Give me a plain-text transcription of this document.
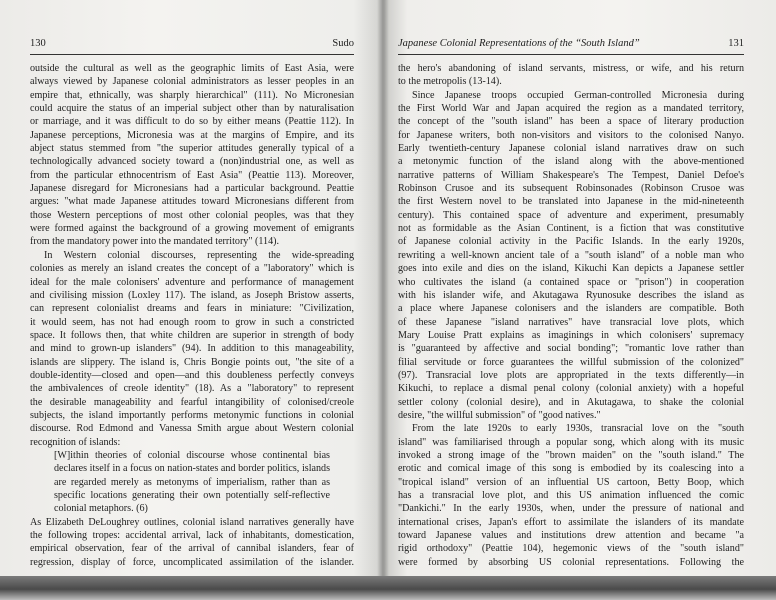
130	Sudo
outside the cultural as well as the geographic limits of East Asia, were
always viewed by Japanese colonial administrators as lesser peoples in an
empire that, ethnically, was sharply hierarchical" (111). No Micronesian
could acquire the status of an imperial subject other than by naturalisation
or marriage, and it was difficult to do so by either means (Peattie 112). In
Japanese perceptions, Micronesia was at the margins of Empire, and its
abject status stemmed from "the superior attitudes generally typical of a
technologically advanced society toward a (non)industrial one, as well as
from the particular ethnocentrism of East Asia" (Peattie 113). Moreover,
Japanese disregard for Micronesians had a particular background. Peattie
argues: "what made Japanese attitudes toward Micronesians different from
those Western perceptions of most other colonial peoples, was that they
were formed against the background of a growing movement of emigrants
from the mandatory power into the mandated territory" (114).
In Western colonial discourses, representing the wide-spreading
colonies as merely an island creates the concept of a "laboratory" which is
ideal for the male colonisers' adventure and performance of management
and civilising mission (Loxley 117). The island, as Joseph Bristow asserts,
can represent colonialist dreams and fears in miniature: "Civilization,
it would seem, has not had enough room to grow in such a constricted
space. It follows then, that white children are superior in strength of body
and mind to grown-up islanders" (94). In addition to this manageability,
islands are slippery. The island is, Chris Bongie points out, "the site of a
double-identity—closed and open—and this doubleness perfectly conveys
the ambivalences of creole identity" (18). As a "laboratory" to represent
the desirable manageability and fearful intangibility of colonised/creole
subjects, the island importantly performs metonymic functions in colonial
discourse. Rod Edmond and Vanessa Smith argue about Western colonial
recognition of islands:
[W]ithin theories of colonial discourse whose continental bias
declares itself in a focus on nation-states and border politics, islands
are regarded merely as metonyms of imperialism, rather than as
specific locations generating their own potentially self-reflective
colonial metaphors. (6)
As Elizabeth DeLoughrey outlines, colonial island narratives generally have
the following tropes: accidental arrival, lack of inhabitants, domestication,
empirical observation, fear of the arrival of cannibal islanders, fear of
regression, display of force, uncomplicated assimilation of the islander.
Japanese Colonial Representations of the “South Island”	131
the hero's abandoning of island servants, mistress, or wife, and his return
to the metropolis (13-14).
Since Japanese troops occupied German-controlled Micronesia during
the First World War and Japan acquired the region as a mandated territory,
the concept of the "south island" has been a space of literary production
for Japanese writers, both non-visitors and visitors to the colonised Nanyo.
Early twentieth-century Japanese colonial island narratives draw on such
a metonymic function of the island along with the above-mentioned
narrative patterns of William Shakespeare's The Tempest, Daniel Defoe's
Robinson Crusoe and its subsequent Robinsonades (Robinson Crusoe was
the first Western novel to be translated into Japanese in the mid-nineteenth
century). This contained space of adventure and experiment, presumably
not as formidable as the Asian Continent, is a fiction that was constitutive
of Japanese colonial activity in the Pacific Islands. In the early 1920s,
rewriting a well-known ancient tale of a "south island" of a noble man who
goes into exile and dies on the island, Kikuchi Kan depicts a Japanese settler
who cultivates the island (a contained space or "prison") in cooperation
with his islander wife, and Akutagawa Ryunosuke describes the island as
a place where Japanese colonisers and the islanders are compatible. Both
of these Japanese "island narratives" have transracial love plots, which
Mary Louise Pratt explains as imaginings in which colonisers' supremacy
is "guaranteed by affective and social bonding"; "romantic love rather than
filial servitude or force guarantees the willful submission of the colonized"
(97). Transracial love plots are appropriated in the texts differently—in
Kikuchi, to replace a dismal penal colony (colonial anxiety) with a hopeful
settler colony (colonial desire), and in Akutagawa, to shake the colonial
desire, "the willful submission" of "good natives."
From the late 1920s to early 1930s, transracial love on the "south
island" was familiarised through a popular song, which along with its music
invoked a strong image of the "brown maiden" on the "south island." The
erotic and comical image of this song is embodied by its coalescing into a
"tropical island" version of an influential US cartoon, Betty Boop, which
has a transracial love plot, and this US animation influenced the comic
"Dankichi." In the early 1930s, when, under the pressure of national and
international crises, Japan's effort to assimilate the islanders of its mandate
toward Japanese values and institutions drew attention and became "a
rigid orthodoxy" (Peattie 104), hegemonic views of the "south island"
were formed by absorbing US colonial representations. Following the
